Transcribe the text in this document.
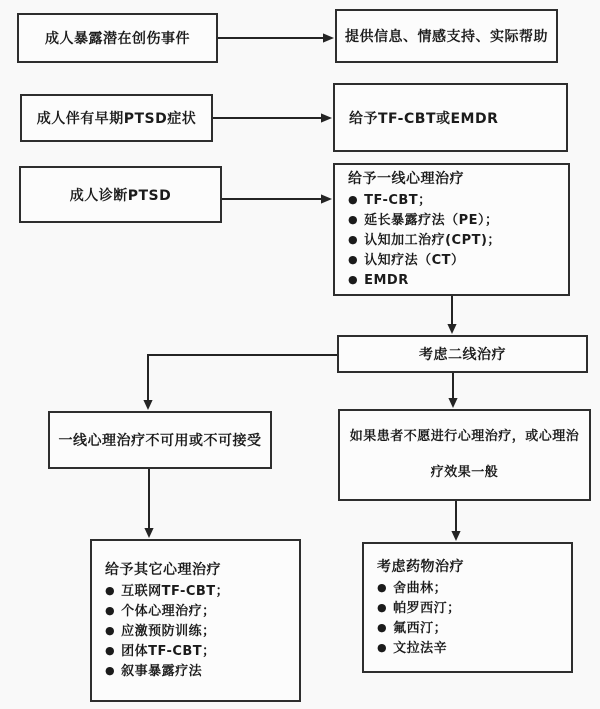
成人暴露潜在创伤事件	提供信息、情感支持、实际帮助
成人伴有早期PTSD症状	给予TF-CBT或EMDR
成人诊断PTSD
给予一线心理治疗
● TF-CBT；
● 延长暴露疗法（PE）；
● 认知加工治疗(CPT)；
● 认知疗法（CT）
● EMDR
考虑二线治疗
一线心理治疗不可用或不可接受	如果患者不愿进行心理治疗，或心理治
疗效果一般
给予其它心理治疗
● 互联网TF-CBT；
● 个体心理治疗；
● 应激预防训练；
● 团体TF-CBT；
● 叙事暴露疗法
考虑药物治疗
● 舍曲林；
● 帕罗西汀；
● 氟西汀；
● 文拉法辛
